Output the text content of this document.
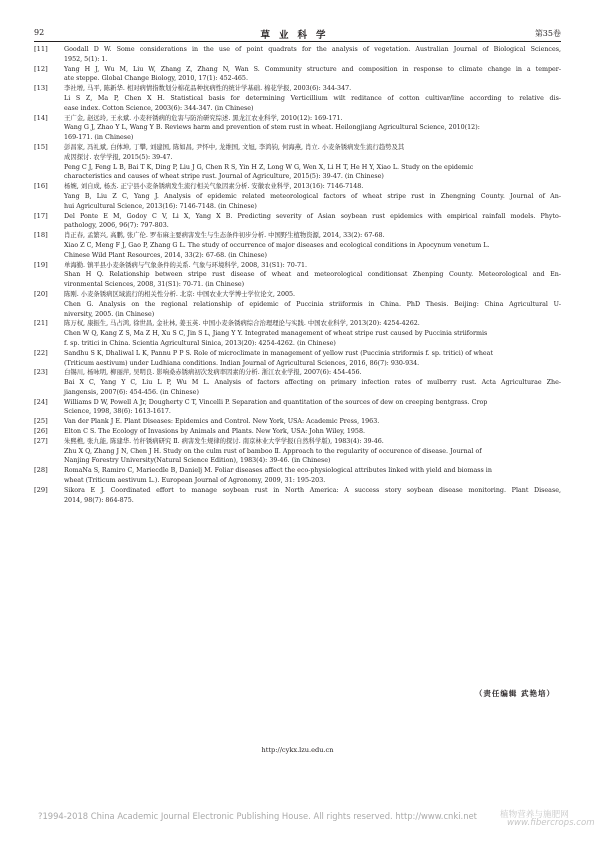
92	草业科学	第35卷
[11]	Goodall D W. Some considerations in the use of point quadrats for the analysis of vegetation. Australian Journal of Biological Sciences,
1952, 5(1): 1.
[12]	Yang H J, Wu M, Liu W, Zhang Z, Zhang N, Wan S. Community structure and composition in response to climate change in a temper-
ate steppe. Global Change Biology, 2010, 17(1): 452-465.
[13]	李社增, 马平, 陈新华. 相对病情指数划分棉花品种抗病性的统计学基础. 棉花学报, 2003(6): 344-347.
Li S Z, Ma P, Chen X H. Statistical basis for determining Verticillium wilt reditance of cotton cultivar/line according to relative dis-
ease index. Cotton Science, 2003(6): 344-347. (in Chinese)
[14]	王广金, 赵远玲, 王永斌. 小麦秆锈病的危害与防治研究综述. 黑龙江农业科学, 2010(12): 169-171.
Wang G J, Zhao Y L, Wang Y B. Reviews harm and prevention of stem rust in wheat. Heilongjiang Agricultural Science, 2010(12):
169-171. (in Chinese)
[15]	彭昌家, 冯礼斌, 白体坤, 丁攀, 刘建国, 陈如昌, 尹怀中, 龙维国, 文旭, 李鸿钧, 何海燕, 肖立. 小麦条锈病发生流行趋势及其
成因探讨. 农学学报, 2015(5): 39-47.
Peng C J, Feng L B, Bai T K, Ding P, Liu J G, Chen R S, Yin H Z, Long W G, Wen X, Li H T, He H Y, Xiao L. Study on the epidemic
characteristics and causes of wheat stripe rust. Journal of Agriculture, 2015(5): 39-47. (in Chinese)
[16]	杨婉, 刘自成, 杨杰. 正宁县小麦条锈病发生流行相关气象因素分析. 安徽农业科学, 2013(16): 7146-7148.
Yang B, Liu Z C, Yang J. Analysis of epidemic related meteorological factors of wheat stripe rust in Zhengning County. Journal of An-
hui Agricultural Science, 2013(16): 7146-7148. (in Chinese)
[17]	Del Ponte E M, Godoy C V, Li X, Yang X B. Predicting severity of Asian soybean rust epidemics with empirical rainfall models. Phyto-
pathology, 2006, 96(7): 797-803.
[18]	肖正春, 孟繁兴, 高鹏, 张广伦. 罗布麻主要病害发生与生态条件初步分析. 中国野生植物资源, 2014, 33(2): 67-68.
Xiao Z C, Meng F J, Gao P, Zhang G L. The study of occurrence of major diseases and ecological conditions in Apocynum venetum L.
Chinese Wild Plant Resources, 2014, 33(2): 67-68. (in Chinese)
[19]	单海勤. 镇平县小麦条锈病与气象条件的关系. 气象与环境科学, 2008, 31(S1): 70-71.
Shan H Q. Relationship between stripe rust disease of wheat and meteorological conditionsat Zhenping County. Meteorological and En-
vironmental Sciences, 2008, 31(S1): 70-71. (in Chinese)
[20]	陈刚. 小麦条锈病区域流行的相关性分析. 北京: 中国农业大学博士学位论文, 2005.
Chen G. Analysis on the regional relationship of epidemic of Puccinia striiformis in China. PhD Thesis. Beijing: China Agricultural U-
niversity, 2005. (in Chinese)
[21]	陈万权, 康振生, 马占鸿, 徐世昌, 金社林, 姜玉英. 中国小麦条锈病综合治理理论与实践. 中国农业科学, 2013(20): 4254-4262.
Chen W Q, Kang Z S, Ma Z H, Xu S C, Jin S L, Jiang Y Y. Integrated management of wheat stripe rust caused by Puccinia striiformis
f. sp. tritici in China. Scientia Agricultural Sinica, 2013(20): 4254-4262. (in Chinese)
[22]	Sandhu S K, Dhaliwal L K, Pannu P P S. Role of microclimate in management of yellow rust (Puccinia striformis f. sp. tritici) of wheat
(Triticum aestivum) under Ludhiana conditions. Indian Journal of Agricultural Sciences, 2016, 86(7): 930-934.
[23]	白锡川, 杨咏明, 柳丽萍, 吴明良. 影响桑赤锈病初次发病率因素的分析. 浙江农业学报, 2007(6): 454-456.
Bai X C, Yang Y C, Liu L P, Wu M L. Analysis of factors affecting on primary infection rates of mulberry rust. Acta Agriculturae Zhe-
jiangensis, 2007(6): 454-456. (in Chinese)
[24]	Williams D W, Powell A Jr, Dougherty C T, Vincelli P. Separation and quantitation of the sources of dew on creeping bentgrass. Crop
Science, 1998, 38(6): 1613-1617.
[25]	Van der Plank J E. Plant Diseases: Epidemics and Control. New York, USA: Academic Press, 1963.
[26]	Elton C S. The Ecology of Invasions by Animals and Plants. New York, USA: John Wiley, 1958.
[27]	朱熙樵, 张九能, 陈建华. 竹秆锈病研究 Ⅱ. 病害发生规律的探讨. 南京林业大学学报(自然科学版), 1983(4): 39-46.
Zhu X Q, Zhang J N, Chen J H. Study on the culm rust of bamboo Ⅱ. Approach to the regularity of occurence of disease. Journal of
Nanjing Forestry University(Natural Science Edition), 1983(4): 39-46. (in Chinese)
[28]	RomaNa S, Ramiro C, Mariecdle B, Danielj M. Foliar diseases affect the eco-physiological attributes linked with yield and biomass in
wheat (Triticum aestivum L.). European Journal of Agronomy, 2009, 31: 195-203.
[29]	Sikora E J. Coordinated effort to manage soybean rust in North America: A success story soybean disease monitoring. Plant Disease,
2014, 98(7): 864-875.
（责任编辑 武艳培）
http://cykx.lzu.edu.cn
?1994-2018 China Academic Journal Electronic Publishing House. All rights reserved. http://www.cnki.net	植物营养与施肥网
www.fibercrops.com
